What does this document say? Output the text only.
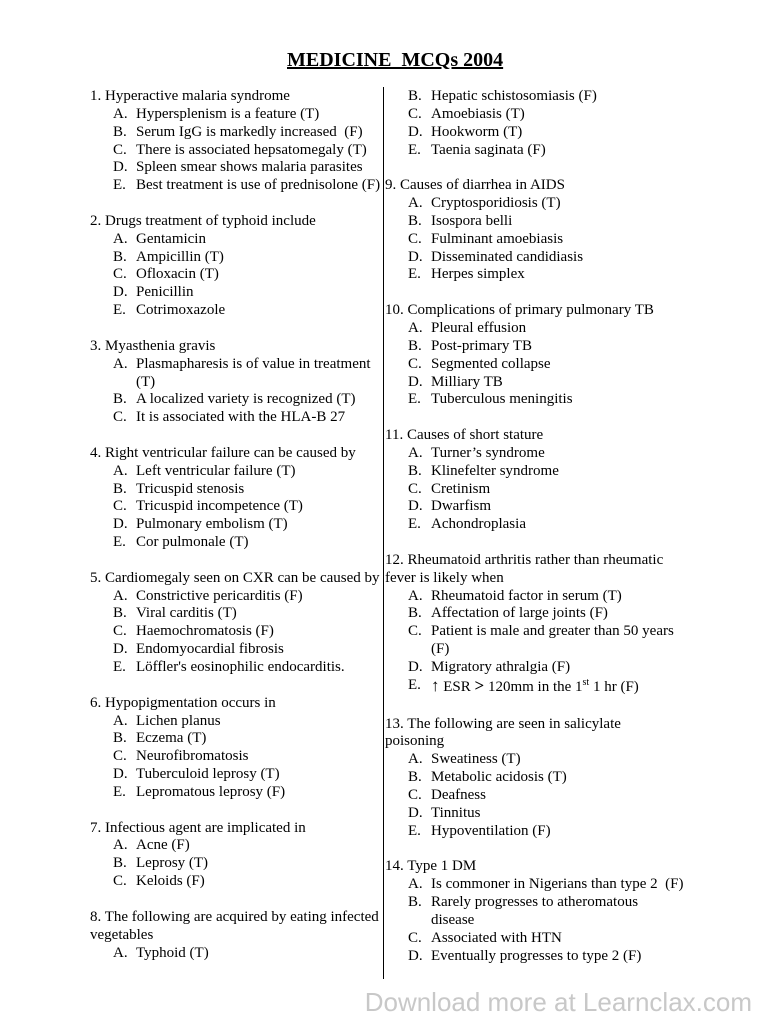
MEDICINE  MCQs 2004
1. Hyperactive malaria syndrome
A. Hypersplenism is a feature (T)
B. Serum IgG is markedly increased  (F)
C. There is associated hepsatomegaly (T)
D. Spleen smear shows malaria parasites
E. Best treatment is use of prednisolone (F)
2. Drugs treatment of typhoid include
A. Gentamicin
B. Ampicillin (T)
C. Ofloxacin (T)
D. Penicillin
E. Cotrimoxazole
3. Myasthenia gravis
A. Plasmapharesis is of value in treatment (T)
B. A localized variety is recognized (T)
C. It is associated with the HLA-B 27
4. Right ventricular failure can be caused by
A. Left ventricular failure (T)
B. Tricuspid stenosis
C. Tricuspid incompetence (T)
D. Pulmonary embolism (T)
E. Cor pulmonale (T)
5. Cardiomegaly seen on CXR can be caused by
A. Constrictive pericarditis (F)
B. Viral carditis (T)
C. Haemochromatosis (F)
D. Endomyocardial fibrosis
E. Löffler's eosinophilic endocarditis.
6. Hypopigmentation occurs in
A. Lichen planus
B. Eczema (T)
C. Neurofibromatosis
D. Tuberculoid leprosy (T)
E. Lepromatous leprosy (F)
7. Infectious agent are implicated in
A. Acne (F)
B. Leprosy (T)
C. Keloids (F)
8. The following are acquired by eating infected vegetables
A. Typhoid (T)
B. Hepatic schistosomiasis (F)
C. Amoebiasis (T)
D. Hookworm (T)
E. Taenia saginata (F)
9. Causes of diarrhea in AIDS
A. Cryptosporidiosis (T)
B. Isospora belli
C. Fulminant amoebiasis
D. Disseminated candidiasis
E. Herpes simplex
10. Complications of primary pulmonary TB
A. Pleural effusion
B. Post-primary TB
C. Segmented collapse
D. Milliary TB
E. Tuberculous meningitis
11. Causes of short stature
A. Turner’s syndrome
B. Klinefelter syndrome
C. Cretinism
D. Dwarfism
E. Achondroplasia
12. Rheumatoid arthritis rather than rheumatic fever is likely when
A. Rheumatoid factor in serum (T)
B. Affectation of large joints (F)
C. Patient is male and greater than 50 years (F)
D. Migratory athralgia (F)
E. ↑ ESR > 120mm in the 1st 1 hr (F)
13. The following are seen in salicylate poisoning
A. Sweatiness (T)
B. Metabolic acidosis (T)
C. Deafness
D. Tinnitus
E. Hypoventilation (F)
14. Type 1 DM
A. Is commoner in Nigerians than type 2  (F)
B. Rarely progresses to atheromatous disease
C. Associated with HTN
D. Eventually progresses to type 2 (F)
Download more at Learnclax.com
